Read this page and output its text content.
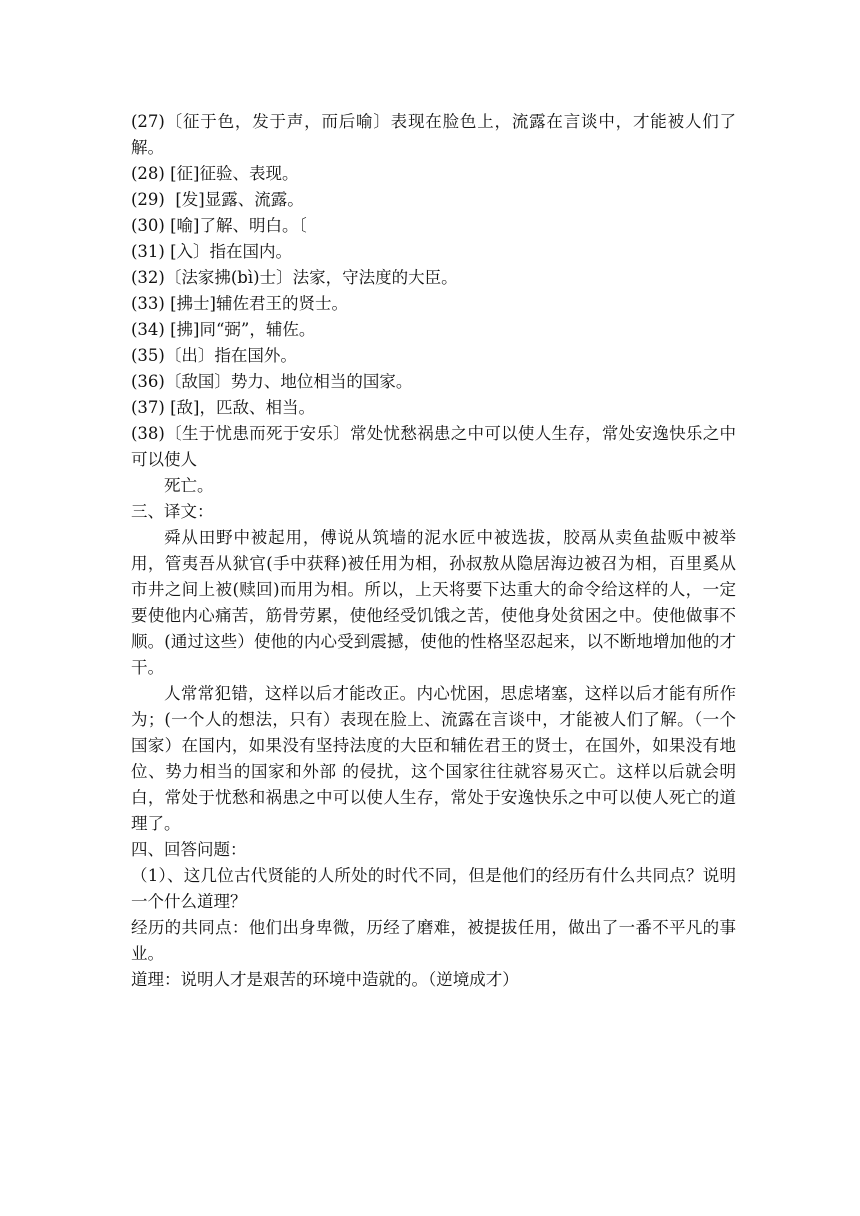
(27)〔征于色，发于声，而后喻〕表现在脸色上，流露在言谈中，才能被人们了解。

(28) [征]征验、表现。

(29)  [发]显露、流露。

(30) [喻]了解、明白。〔

(31) [入〕指在国内。

(32)〔法家拂(bì)士〕法家，守法度的大臣。

(33) [拂士]辅佐君王的贤士。

(34) [拂]同“弼”，辅佐。

(35)〔出〕指在国外。

(36)〔敌国〕势力、地位相当的国家。

(37) [敌]，匹敌、相当。

(38)〔生于忧患而死于安乐〕常处忧愁祸患之中可以使人生存，常处安逸快乐之中可以使人

死亡。

三、译文：

舜从田野中被起用，傅说从筑墙的泥水匠中被选拔，胶鬲从卖鱼盐贩中被举用，管夷吾从狱官(手中获释)被任用为相，孙叔敖从隐居海边被召为相，百里奚从市井之间上被(赎回)而用为相。所以，上天将要下达重大的命令给这样的人，一定要使他内心痛苦，筋骨劳累，使他经受饥饿之苦，使他身处贫困之中。使他做事不顺。(通过这些）使他的内心受到震撼，使他的性格坚忍起来，以不断地增加他的才干。

人常常犯错，这样以后才能改正。内心忧困，思虑堵塞，这样以后才能有所作为；(一个人的想法，只有）表现在脸上、流露在言谈中，才能被人们了解。（一个国家）在国内，如果没有坚持法度的大臣和辅佐君王的贤士，在国外，如果没有地位、势力相当的国家和外部 的侵扰，这个国家往往就容易灭亡。这样以后就会明白，常处于忧愁和祸患之中可以使人生存，常处于安逸快乐之中可以使人死亡的道理了。

四、回答问题：

（1）、这几位古代贤能的人所处的时代不同，但是他们的经历有什么共同点？说明一个什么道理？

经历的共同点：他们出身卑微，历经了磨难，被提拔任用，做出了一番不平凡的事业。

道理：说明人才是艰苦的环境中造就的。（逆境成才）
